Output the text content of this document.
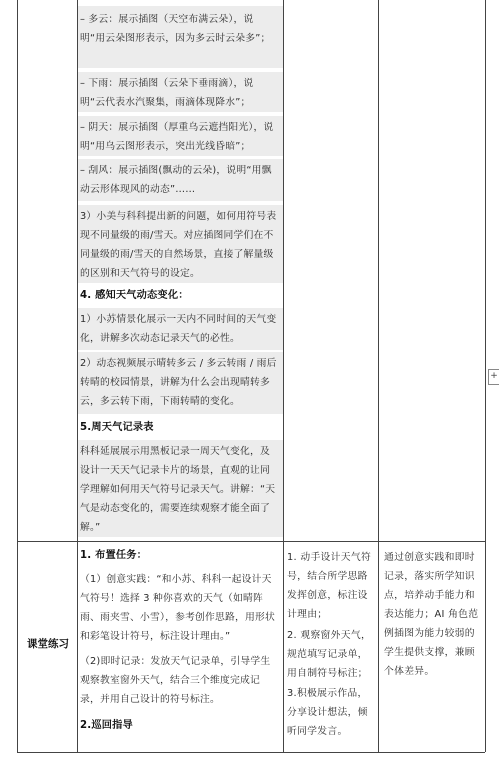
– 多云：展示插图（天空布满云朵），说明“用云朵图形表示，因为多云时云朵多”；

– 下雨：展示插图（云朵下垂雨滴），说明“云代表水汽聚集，雨滴体现降水”；

– 阴天：展示插图（厚重乌云遮挡阳光），说明“用乌云图形表示，突出光线昏暗”；

– 刮风：展示插图(飘动的云朵)，说明“用飘动云形体现风的动态”……

3）小美与科科提出新的问题，如何用符号表现不同量级的雨/雪天。对应插图同学们在不同量级的雨/雪天的自然场景，直接了解量级的区别和天气符号的设定。

4. 感知天气动态变化：

1）小苏情景化展示一天内不同时间的天气变化，讲解多次动态记录天气的必性。

2）动态视频展示晴转多云 / 多云转雨 / 雨后转晴的校园情景，讲解为什么会出现晴转多云，多云转下雨，下雨转晴的变化。

5.周天气记录表

科科延展展示用黑板记录一周天气变化，及设计一天天气记录卡片的场景，直观的让同学理解如何用天气符号记录天气。讲解：“天气是动态变化的，需要连续观察才能全面了解。”

课堂练习

1. 布置任务：

（1）创意实践：“和小苏、科科一起设计天气符号！选择 3 种你喜欢的天气（如晴阵雨、雨夹雪、小雪），参考创作思路，用形状和彩笔设计符号，标注设计理由。”

（2)即时记录：发放天气记录单，引导学生观察教室窗外天气，结合三个维度完成记录，并用自己设计的符号标注。

2.巡回指导

1. 动手设计天气符号，结合所学思路发挥创意，标注设计理由；

2. 观察窗外天气，规范填写记录单，用自制符号标注；

3.积极展示作品，分享设计想法，倾听同学发言。

通过创意实践和即时记录，落实所学知识点，培养动手能力和表达能力；AI 角色范例插图为能力较弱的学生提供支撑，兼顾个体差异。

+
